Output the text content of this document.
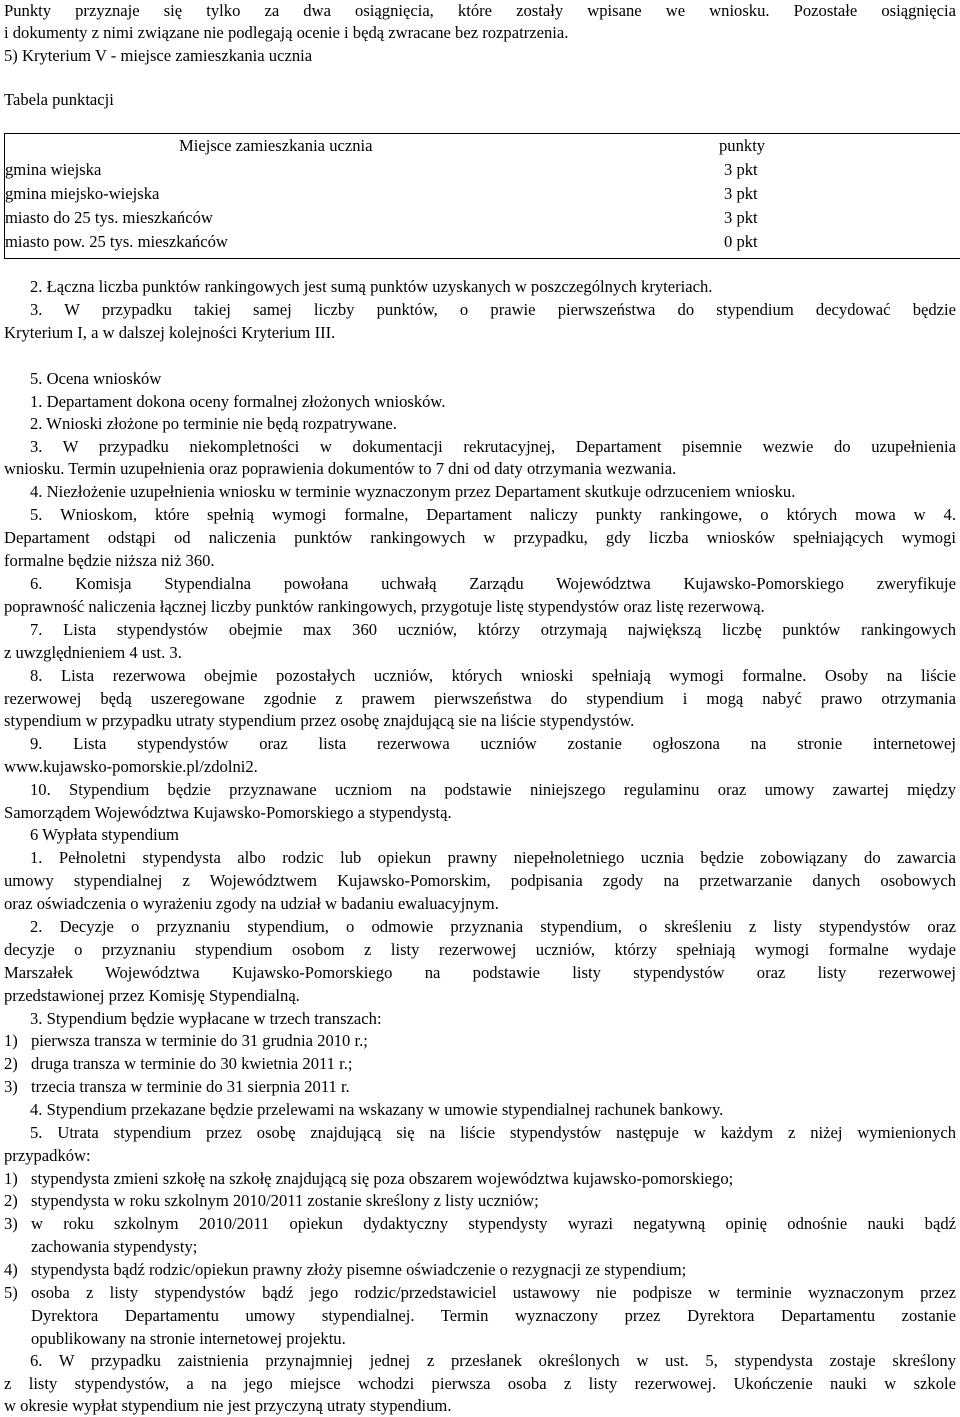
Punkty przyznaje się tylko za dwa osiągnięcia, które zostały wpisane we wniosku. Pozostałe osiągnięcia
i dokumenty z nimi związane nie podlegają ocenie i będą zwracane bez rozpatrzenia.
5) Kryterium V - miejsce zamieszkania ucznia
Tabela punktacji
Miejsce zamieszkania ucznia	punkty
gmina wiejska	3 pkt
gmina miejsko-wiejska	3 pkt
miasto do 25 tys. mieszkańców	3 pkt
miasto pow. 25 tys. mieszkańców	0 pkt
2. Łączna liczba punktów rankingowych jest sumą punktów uzyskanych w poszczególnych kryteriach.
3. W przypadku takiej samej liczby punktów, o prawie pierwszeństwa do stypendium decydować będzie
Kryterium I, a w dalszej kolejności Kryterium III.
5. Ocena wniosków
1. Departament dokona oceny formalnej złożonych wniosków.
2. Wnioski złożone po terminie nie będą rozpatrywane.
3. W przypadku niekompletności w dokumentacji rekrutacyjnej, Departament pisemnie wezwie do uzupełnienia
wniosku. Termin uzupełnienia oraz poprawienia dokumentów to 7 dni od daty otrzymania wezwania.
4. Niezłożenie uzupełnienia wniosku w terminie wyznaczonym przez Departament skutkuje odrzuceniem wniosku.
5. Wnioskom, które spełnią wymogi formalne, Departament naliczy punkty rankingowe, o których mowa w 4.
Departament odstąpi od naliczenia punktów rankingowych w przypadku, gdy liczba wniosków spełniających wymogi
formalne będzie niższa niż 360.
6. Komisja Stypendialna powołana uchwałą Zarządu Województwa Kujawsko-Pomorskiego zweryfikuje
poprawność naliczenia łącznej liczby punktów rankingowych, przygotuje listę stypendystów oraz listę rezerwową.
7. Lista stypendystów obejmie max 360 uczniów, którzy otrzymają największą liczbę punktów rankingowych
z uwzględnieniem 4 ust. 3.
8. Lista rezerwowa obejmie pozostałych uczniów, których wnioski spełniają wymogi formalne. Osoby na liście
rezerwowej będą uszeregowane zgodnie z prawem pierwszeństwa do stypendium i mogą nabyć prawo otrzymania
stypendium w przypadku utraty stypendium przez osobę znajdującą sie na liście stypendystów.
9. Lista stypendystów oraz lista rezerwowa uczniów zostanie ogłoszona na stronie internetowej
www.kujawsko-pomorskie.pl/zdolni2.
10. Stypendium będzie przyznawane uczniom na podstawie niniejszego regulaminu oraz umowy zawartej między
Samorządem Województwa Kujawsko-Pomorskiego a stypendystą.
6 Wypłata stypendium
1. Pełnoletni stypendysta albo rodzic lub opiekun prawny niepełnoletniego ucznia będzie zobowiązany do zawarcia
umowy stypendialnej z Województwem Kujawsko-Pomorskim, podpisania zgody na przetwarzanie danych osobowych
oraz oświadczenia o wyrażeniu zgody na udział w badaniu ewaluacyjnym.
2. Decyzje o przyznaniu stypendium, o odmowie przyznania stypendium, o skreśleniu z listy stypendystów oraz
decyzje o przyznaniu stypendium osobom z listy rezerwowej uczniów, którzy spełniają wymogi formalne wydaje
Marszałek Województwa Kujawsko-Pomorskiego na podstawie listy stypendystów oraz listy rezerwowej
przedstawionej przez Komisję Stypendialną.
3. Stypendium będzie wypłacane w trzech transzach:
1) pierwsza transza w terminie do 31 grudnia 2010 r.;
2) druga transza w terminie do 30 kwietnia 2011 r.;
3) trzecia transza w terminie do 31 sierpnia 2011 r.
4. Stypendium przekazane będzie przelewami na wskazany w umowie stypendialnej rachunek bankowy.
5. Utrata stypendium przez osobę znajdującą się na liście stypendystów następuje w każdym z niżej wymienionych
przypadków:
1) stypendysta zmieni szkołę na szkołę znajdującą się poza obszarem województwa kujawsko-pomorskiego;
2) stypendysta w roku szkolnym 2010/2011 zostanie skreślony z listy uczniów;
3) w roku szkolnym 2010/2011 opiekun dydaktyczny stypendysty wyrazi negatywną opinię odnośnie nauki bądź
zachowania stypendysty;
4) stypendysta bądź rodzic/opiekun prawny złoży pisemne oświadczenie o rezygnacji ze stypendium;
5) osoba z listy stypendystów bądź jego rodzic/przedstawiciel ustawowy nie podpisze w terminie wyznaczonym przez
Dyrektora Departamentu umowy stypendialnej. Termin wyznaczony przez Dyrektora Departamentu zostanie
opublikowany na stronie internetowej projektu.
6. W przypadku zaistnienia przynajmniej jednej z przesłanek określonych w ust. 5, stypendysta zostaje skreślony
z listy stypendystów, a na jego miejsce wchodzi pierwsza osoba z listy rezerwowej. Ukończenie nauki w szkole
w okresie wypłat stypendium nie jest przyczyną utraty stypendium.
